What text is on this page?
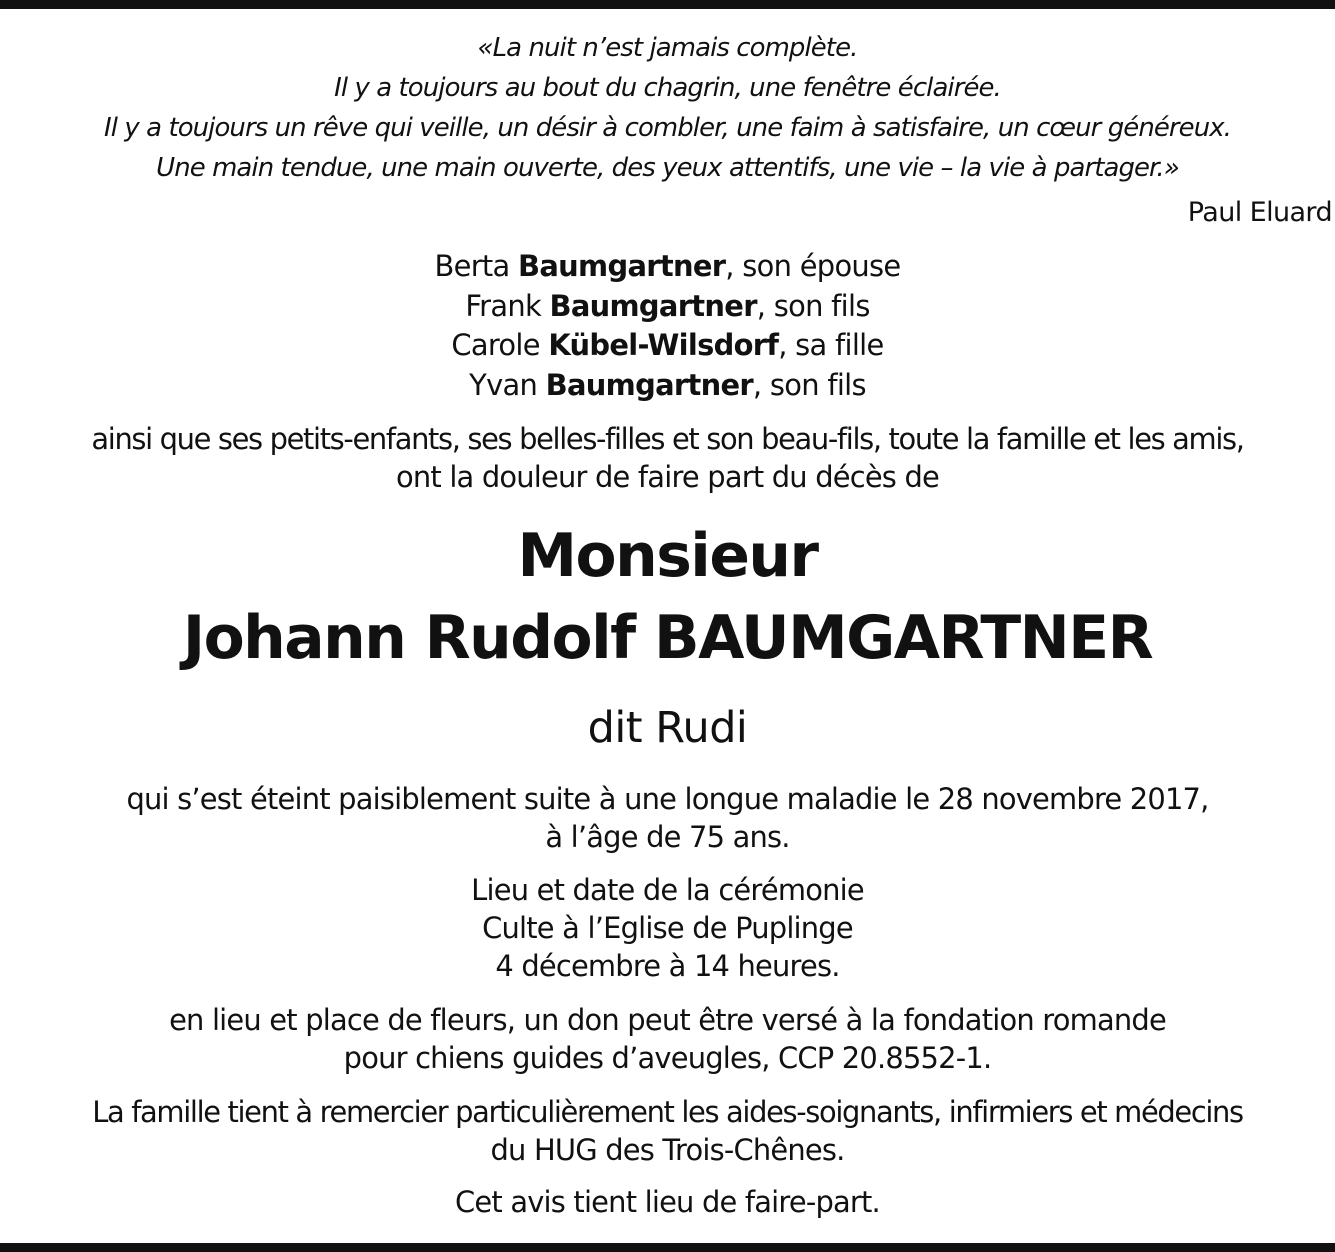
«La nuit n’est jamais complète.
Il y a toujours au bout du chagrin, une fenêtre éclairée.
Il y a toujours un rêve qui veille, un désir à combler, une faim à satisfaire, un cœur généreux.
Une main tendue, une main ouverte, des yeux attentifs, une vie – la vie à partager.»
Paul Eluard
Berta Baumgartner, son épouse
Frank Baumgartner, son fils
Carole Kübel-Wilsdorf, sa fille
Yvan Baumgartner, son fils
ainsi que ses petits-enfants, ses belles-filles et son beau-fils, toute la famille et les amis,
ont la douleur de faire part du décès de
Monsieur
Johann Rudolf BAUMGARTNER
dit Rudi
qui s’est éteint paisiblement suite à une longue maladie le 28 novembre 2017,
à l’âge de 75 ans.
Lieu et date de la cérémonie
Culte à l’Eglise de Puplinge
4 décembre à 14 heures.
en lieu et place de fleurs, un don peut être versé à la fondation romande
pour chiens guides d’aveugles, CCP 20.8552-1.
La famille tient à remercier particulièrement les aides-soignants, infirmiers et médecins
du HUG des Trois-Chênes.
Cet avis tient lieu de faire-part.
